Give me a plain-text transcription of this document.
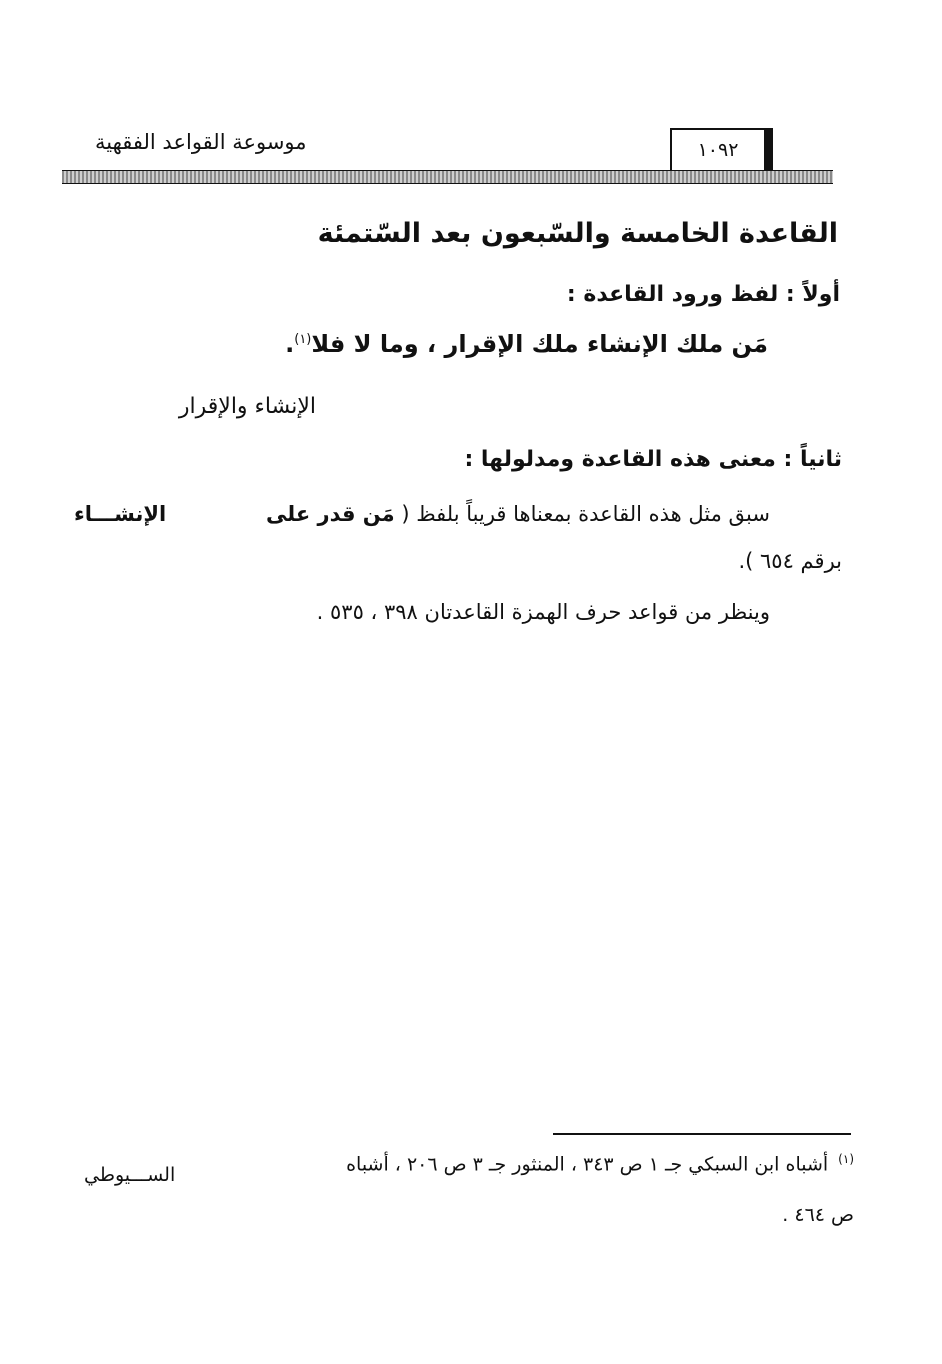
موسوعة القواعد الفقهية	١٠٩٢
القاعدة الخامسة والسّبعون بعد السّتمئة
أولاً : لفظ ورود القاعدة :
مَن ملك الإنشاء ملك الإقرار ، وما لا فلا$^{(١)}$.
الإنشاء والإقرار
ثانياً : معنى هذه القاعدة ومدلولها :
سبق مثل هذه القاعدة بمعناها قريباً بلفظ ( مَن قدر على
الإنشـــاء
برقم ٦٥٤ ).
وينظر من قواعد حرف الهمزة القاعدتان ٣٩٨ ، ٥٣٥ .
$^{(١)}$أشباه ابن السبكي جـ ١ ص ٣٤٣ ، المنثور جـ ٣ ص ٢٠٦ ، أشباه
الســـيوطي
ص ٤٦٤ .
